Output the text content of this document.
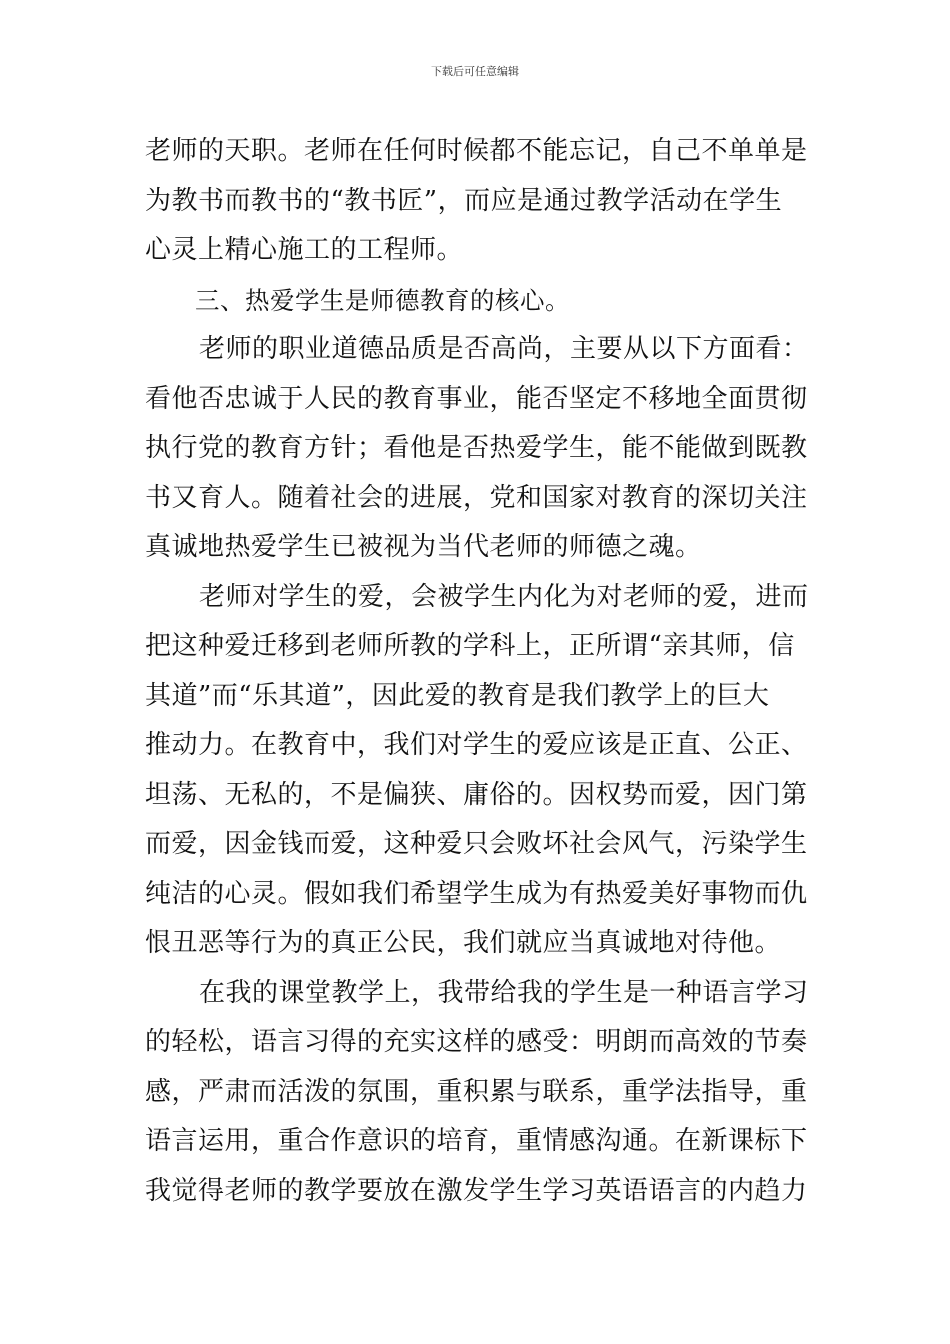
下载后可任意编辑
老师的天职。老师在任何时候都不能忘记，自己不单单是
为教书而教书的“教书匠”，而应是通过教学活动在学生
心灵上精心施工的工程师。
三、热爱学生是师德教育的核心。
老师的职业道德品质是否高尚，主要从以下方面看：
看他否忠诚于人民的教育事业，能否坚定不移地全面贯彻
执行党的教育方针；看他是否热爱学生，能不能做到既教
书又育人。随着社会的进展，党和国家对教育的深切关注
真诚地热爱学生已被视为当代老师的师德之魂。
老师对学生的爱，会被学生内化为对老师的爱，进而
把这种爱迁移到老师所教的学科上，正所谓“亲其师，信
其道”而“乐其道”，因此爱的教育是我们教学上的巨大
推动力。在教育中，我们对学生的爱应该是正直、公正、
坦荡、无私的，不是偏狭、庸俗的。因权势而爱，因门第
而爱，因金钱而爱，这种爱只会败坏社会风气，污染学生
纯洁的心灵。假如我们希望学生成为有热爱美好事物而仇
恨丑恶等行为的真正公民，我们就应当真诚地对待他。
在我的课堂教学上，我带给我的学生是一种语言学习
的轻松，语言习得的充实这样的感受：明朗而高效的节奏
感，严肃而活泼的氛围，重积累与联系，重学法指导，重
语言运用，重合作意识的培育，重情感沟通。在新课标下
我觉得老师的教学要放在激发学生学习英语语言的内趋力
